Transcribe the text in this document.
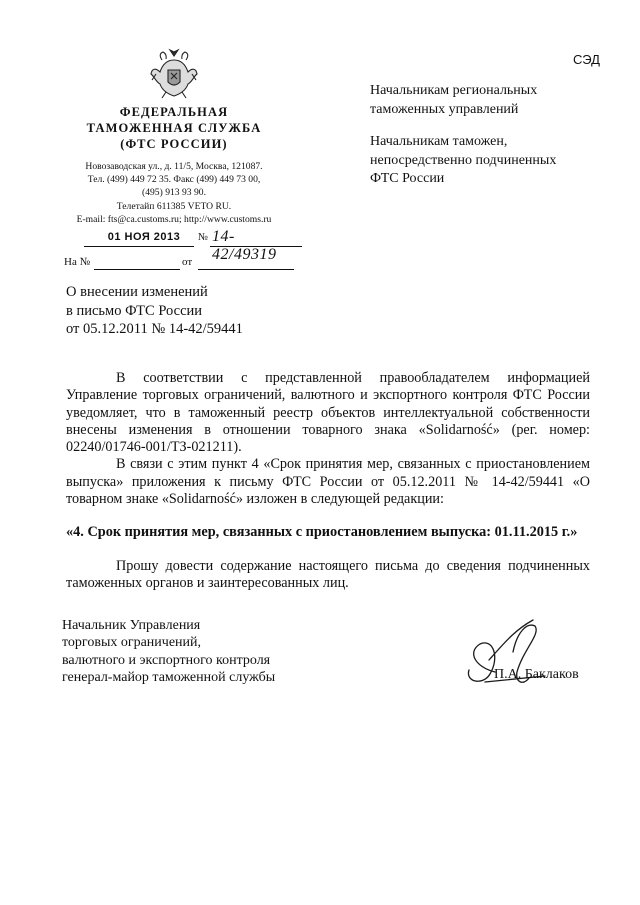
СЭД
ФЕДЕРАЛЬНАЯ
ТАМОЖЕННАЯ СЛУЖБА
(ФТС РОССИИ)
Новозаводская ул., д. 11/5, Москва, 121087.
Тел. (499) 449 72 35. Факс (499) 449 73 00,
(495) 913 93 90.
Телетайп 611385 VETO RU.
E-mail: fts@ca.customs.ru; http://www.customs.ru
01 НОЯ 2013	№ 14-42/49319
На №	от
Начальникам региональных
таможенных управлений
Начальникам таможен,
непосредственно подчиненных
ФТС России
О внесении изменений
в письмо ФТС России
от 05.12.2011 № 14-42/59441

В соответствии с представленной правообладателем информацией Управление торговых ограничений, валютного и экспортного контроля ФТС России уведомляет, что в таможенный реестр объектов интеллектуальной собственности внесены изменения в отношении товарного знака «Solidarność» (рег. номер: 02240/01746-001/ТЗ-021211).

В связи с этим пункт 4 «Срок принятия мер, связанных с приостановлением выпуска» приложения к письму ФТС России от 05.12.2011 № 14-42/59441 «О товарном знаке «Solidarność» изложен в следующей редакции:

«4. Срок принятия мер, связанных с приостановлением выпуска: 01.11.2015 г.»

Прошу довести содержание настоящего письма до сведения подчиненных таможенных органов и заинтересованных лиц.

Начальник Управления
торговых ограничений,
валютного и экспортного контроля
генерал-майор таможенной службы	П.А. Баклаков
